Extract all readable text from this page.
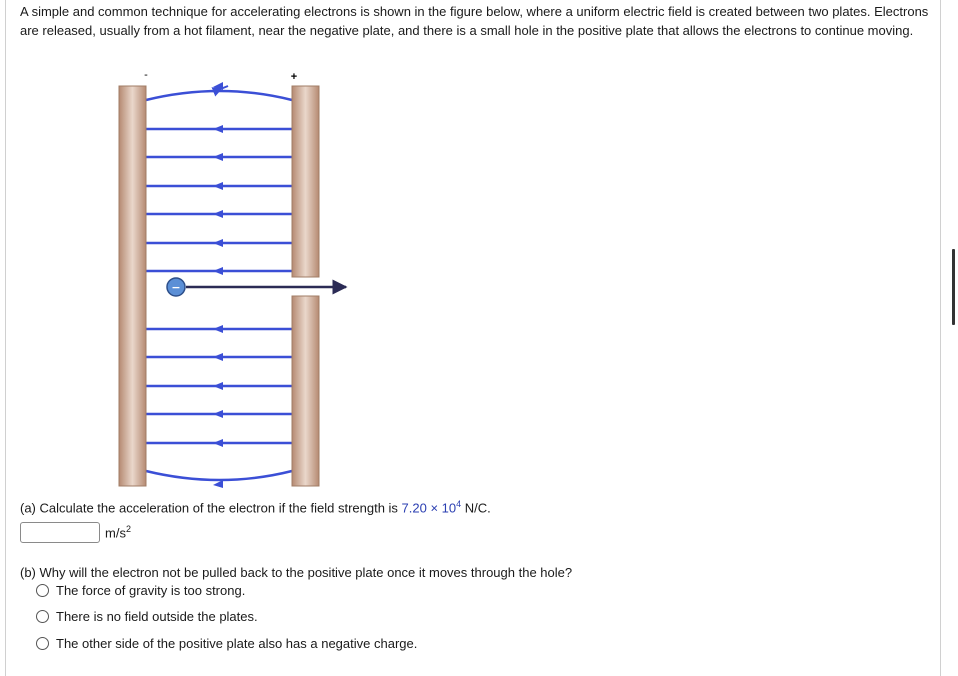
A simple and common technique for accelerating electrons is shown in the figure below, where a uniform electric field is created between two plates. Electrons are released, usually from a hot filament, near the negative plate, and there is a small hole in the positive plate that allows the electrons to continue moving.

-	+
−

(a) Calculate the acceleration of the electron if the field strength is $7.20 \times 10^4$ N/C.

$m/s^2$

(b) Why will the electron not be pulled back to the positive plate once it moves through the hole?

The force of gravity is too strong.
There is no field outside the plates.
The other side of the positive plate also has a negative charge.
